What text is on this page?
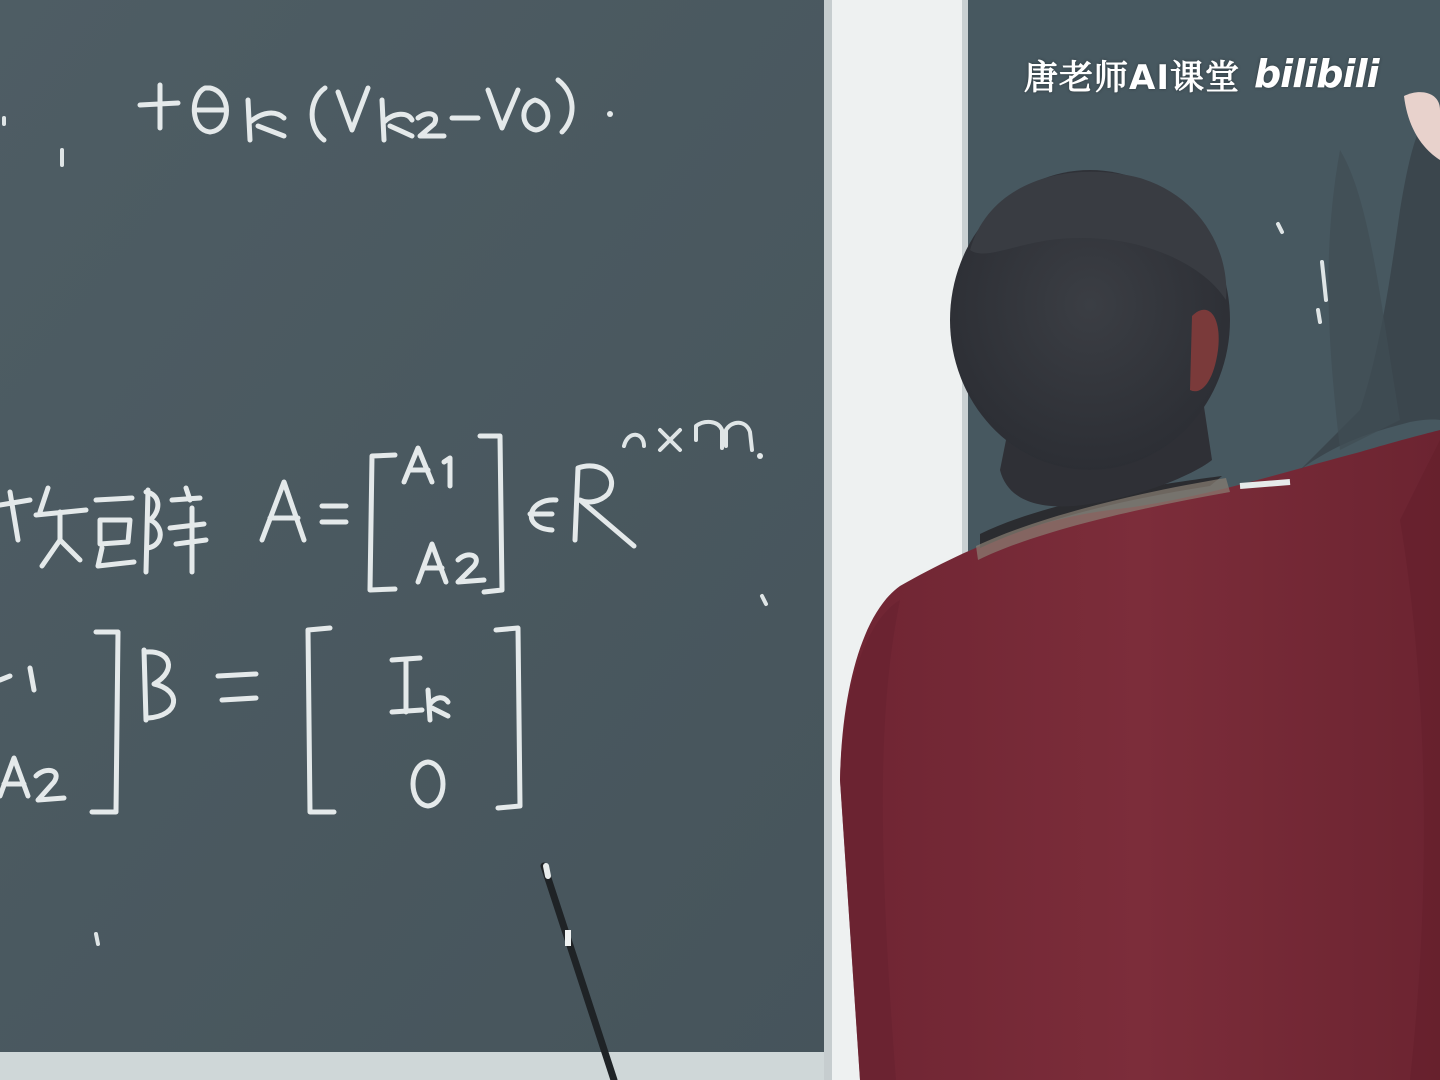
唐老师AI课堂 bilibili
